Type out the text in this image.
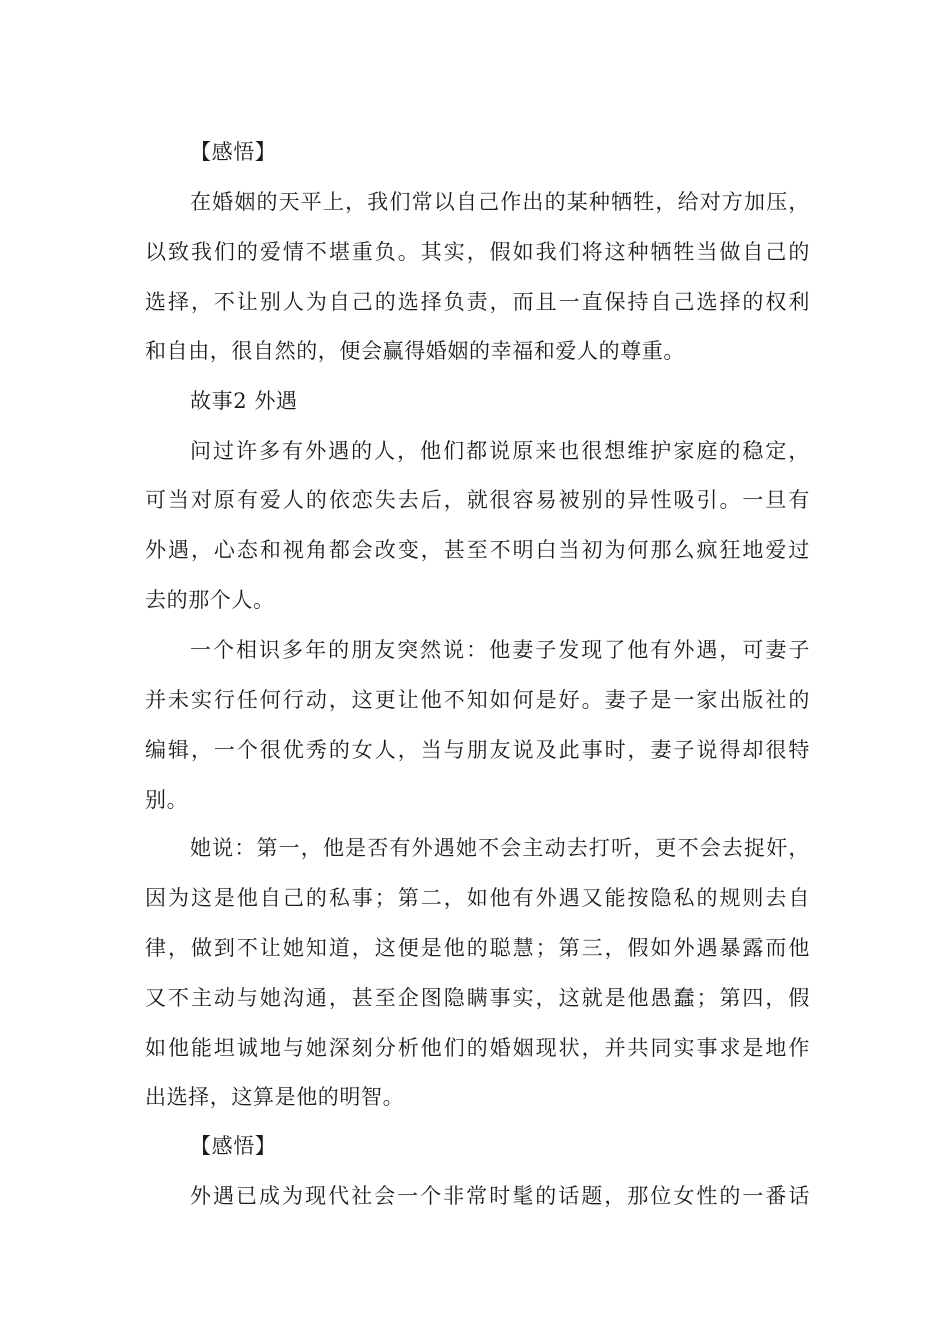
【感悟】
在婚姻的天平上，我们常以自己作出的某种牺牲，给对方加压，
以致我们的爱情不堪重负。其实，假如我们将这种牺牲当做自己的
选择，不让别人为自己的选择负责，而且一直保持自己选择的权利
和自由，很自然的，便会赢得婚姻的幸福和爱人的尊重。
故事2 外遇
问过许多有外遇的人，他们都说原来也很想维护家庭的稳定，
可当对原有爱人的依恋失去后，就很容易被别的异性吸引。一旦有
外遇，心态和视角都会改变，甚至不明白当初为何那么疯狂地爱过
去的那个人。
一个相识多年的朋友突然说：他妻子发现了他有外遇，可妻子
并未实行任何行动，这更让他不知如何是好。妻子是一家出版社的
编辑，一个很优秀的女人，当与朋友说及此事时，妻子说得却很特
别。
她说：第一，他是否有外遇她不会主动去打听，更不会去捉奸，
因为这是他自己的私事；第二，如他有外遇又能按隐私的规则去自
律，做到不让她知道，这便是他的聪慧；第三，假如外遇暴露而他
又不主动与她沟通，甚至企图隐瞒事实，这就是他愚蠢；第四，假
如他能坦诚地与她深刻分析他们的婚姻现状，并共同实事求是地作
出选择，这算是他的明智。
【感悟】
外遇已成为现代社会一个非常时髦的话题，那位女性的一番话
